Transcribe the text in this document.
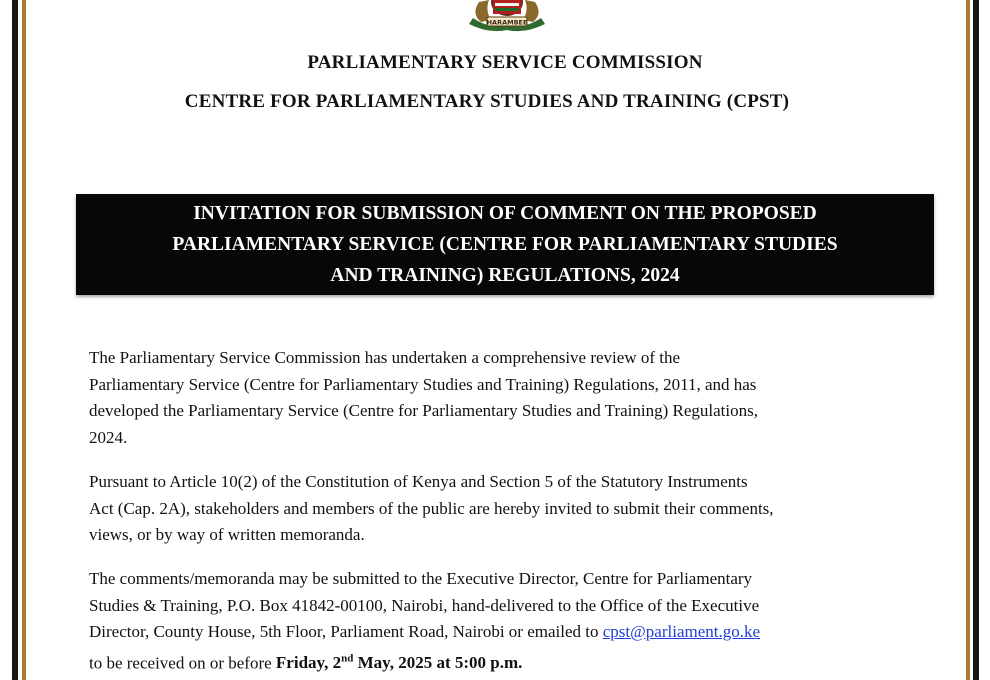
HARAMBEE
PARLIAMENTARY SERVICE COMMISSION
CENTRE FOR PARLIAMENTARY STUDIES AND TRAINING (CPST)
INVITATION FOR SUBMISSION OF COMMENT ON THE PROPOSED
PARLIAMENTARY SERVICE (CENTRE FOR PARLIAMENTARY STUDIES
AND TRAINING) REGULATIONS, 2024
The Parliamentary Service Commission has undertaken a comprehensive review of the
Parliamentary Service (Centre for Parliamentary Studies and Training) Regulations, 2011, and has
developed the Parliamentary Service (Centre for Parliamentary Studies and Training) Regulations,
2024.
Pursuant to Article 10(2) of the Constitution of Kenya and Section 5 of the Statutory Instruments
Act (Cap. 2A), stakeholders and members of the public are hereby invited to submit their comments,
views, or by way of written memoranda.
The comments/memoranda may be submitted to the Executive Director, Centre for Parliamentary
Studies & Training, P.O. Box 41842-00100, Nairobi, hand-delivered to the Office of the Executive
Director, County House, 5th Floor, Parliament Road, Nairobi or emailed to cpst@parliament.go.ke
to be received on or before Friday, 2nd May, 2025 at 5:00 p.m.
